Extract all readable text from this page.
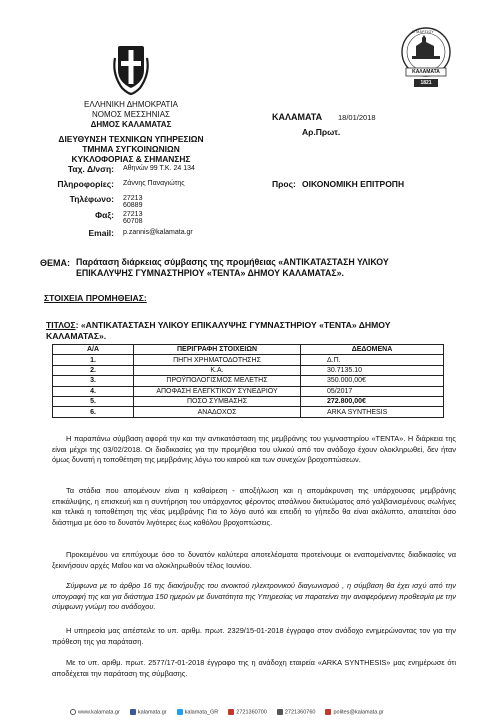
ΕΛΛΗΝΙΚΗ ΔΗΜΟΚΡΑΤΙΑ
ΝΟΜΟΣ ΜΕΣΣΗΝΙΑΣ
ΔΗΜΟΣ ΚΑΛΑΜΑΤΑΣ
ΔΙΕΥΘΥΝΣΗ ΤΕΧΝΙΚΩΝ ΥΠΗΡΕΣΙΩΝ
ΤΜΗΜΑ ΣΥΓΚΟΙΝΩΝΙΩΝ
ΚΥΚΛΟΦΟΡΙΑΣ & ΣΗΜΑΝΣΗΣ
Ταχ. Δ/νση: Αθηνών 99 Τ.Κ. 24 134
Πληροφορίες: Ζάννης Παναγιώτης
Τηλέφωνο: 27213 60889
Φαξ: 27213 60708
Email: p.zannis@kalamata.gr
ΚΑΛΑΜΑΤΑ 18/01/2018
Αρ.Πρωτ.
Προς: ΟΙΚΟΝΟΜΙΚΗ ΕΠΙΤΡΟΠΗ
Ο ΜΑΡΤΙΟΥ
ΚΑΛΑΜΑΤΑ
1821
ΘΕΜΑ: Παράταση διάρκειας σύμβασης της προμήθειας «ΑΝΤΙΚΑΤΑΣΤΑΣΗ ΥΛΙΚΟΥ ΕΠΙΚΑΛΥΨΗΣ ΓΥΜΝΑΣΤΗΡΙΟΥ «ΤΕΝΤΑ» ΔΗΜΟΥ ΚΑΛΑΜΑΤΑΣ».
ΣΤΟΙΧΕΙΑ ΠΡΟΜΗΘΕΙΑΣ:
ΤΙΤΛΟΣ: «ΑΝΤΙΚΑΤΑΣΤΑΣΗ ΥΛΙΚΟΥ ΕΠΙΚΑΛΥΨΗΣ ΓΥΜΝΑΣΤΗΡΙΟΥ «ΤΕΝΤΑ» ΔΗΜΟΥ
ΚΑΛΑΜΑΤΑΣ».
Α/Α	ΠΕΡΙΓΡΑΦΗ ΣΤΟΙΧΕΙΩΝ	ΔΕΔΟΜΕΝΑ
1.	ΠΗΓΗ ΧΡΗΜΑΤΟΔΟΤΗΣΗΣ	Δ.Π.
2.	Κ.Α.	30.7135.10
3.	ΠΡΟΫΠΟΛΟΓΙΣΜΟΣ ΜΕΛΕΤΗΣ	350.000,00€
4.	ΑΠΟΦΑΣΗ ΕΛΕΓΚΤΙΚΟΥ ΣΥΝΕΔΡΙΟΥ	05/2017
5.	ΠΟΣΟ ΣΥΜΒΑΣΗΣ	272.800,00€
6.	ΑΝΑΔΟΧΟΣ	ARKA SYNTHESIS

Η παραπάνω σύμβαση αφορά την και την αντικατάσταση της μεμβράνης του γυμναστηρίου «ΤΕΝΤΑ». Η διάρκεια της είναι μέχρι της 03/02/2018. Οι διαδικασίες για την προμήθεια του υλικού από τον ανάδοχο έχουν ολοκληρωθεί, δεν ήταν όμως δυνατή η τοποθέτηση της μεμβράνης λόγω του καιρού και των συνεχών βροχοπτώσεων.

Τα στάδια που απομένουν είναι η καθαίρεση - αποξήλωση και η απομάκρυνση της υπάρχουσας μεμβράνης επικάλυψης, η επισκευή και η συντήρηση του υπάρχοντος φέροντος ατσάλινου δικτυώματος από γαλβανισμένους σωλήνες και τελικά η τοποθέτηση της νέας μεμβράνης Για το λόγο αυτό και επειδή το γήπεδο θα είναι ακάλυπτο, απαιτείται όσο διάστημα με όσο το δυνατόν λιγότερες έως καθόλου βροχοπτώσεις.

Προκειμένου να επιτύχουμε όσο το δυνατόν καλύτερα αποτελέσματα προτείνουμε οι εναπομείναντες διαδικασίες να ξεκινήσουν αρχές Μαΐου και να ολοκληρωθούν τέλος Ιουνίου.

Σύμφωνα με το άρθρο 16 της διακήρυξης του ανοικτού ηλεκτρονικού διαγωνισμού , η σύμβαση θα έχει ισχύ από την υπογραφή της και για διάστημα 150 ημερών με δυνατότητα της Υπηρεσίας να παρατείνει την αναφερόμενη προθεσμία με την σύμφωνη γνώμη του ανάδοχου.

Η υπηρεσία μας απέστειλε το υπ. αριθμ. πρωτ. 2329/15-01-2018 έγγραφο στον ανάδοχο ενημερώνοντας τον για την πρόθεση της για παράταση.

Με το υπ. αριθμ. πρωτ. 2577/17-01-2018 έγγραφο της η ανάδοχη εταιρεία «ARKA SYNTHESIS» μας ενημέρωσε ότι αποδέχεται την παράταση της σύμβασης.

www.kalamata.gr	kalamata.gr	kalamata_GR	2721360700	2721360760	polites@kalamata.gr
